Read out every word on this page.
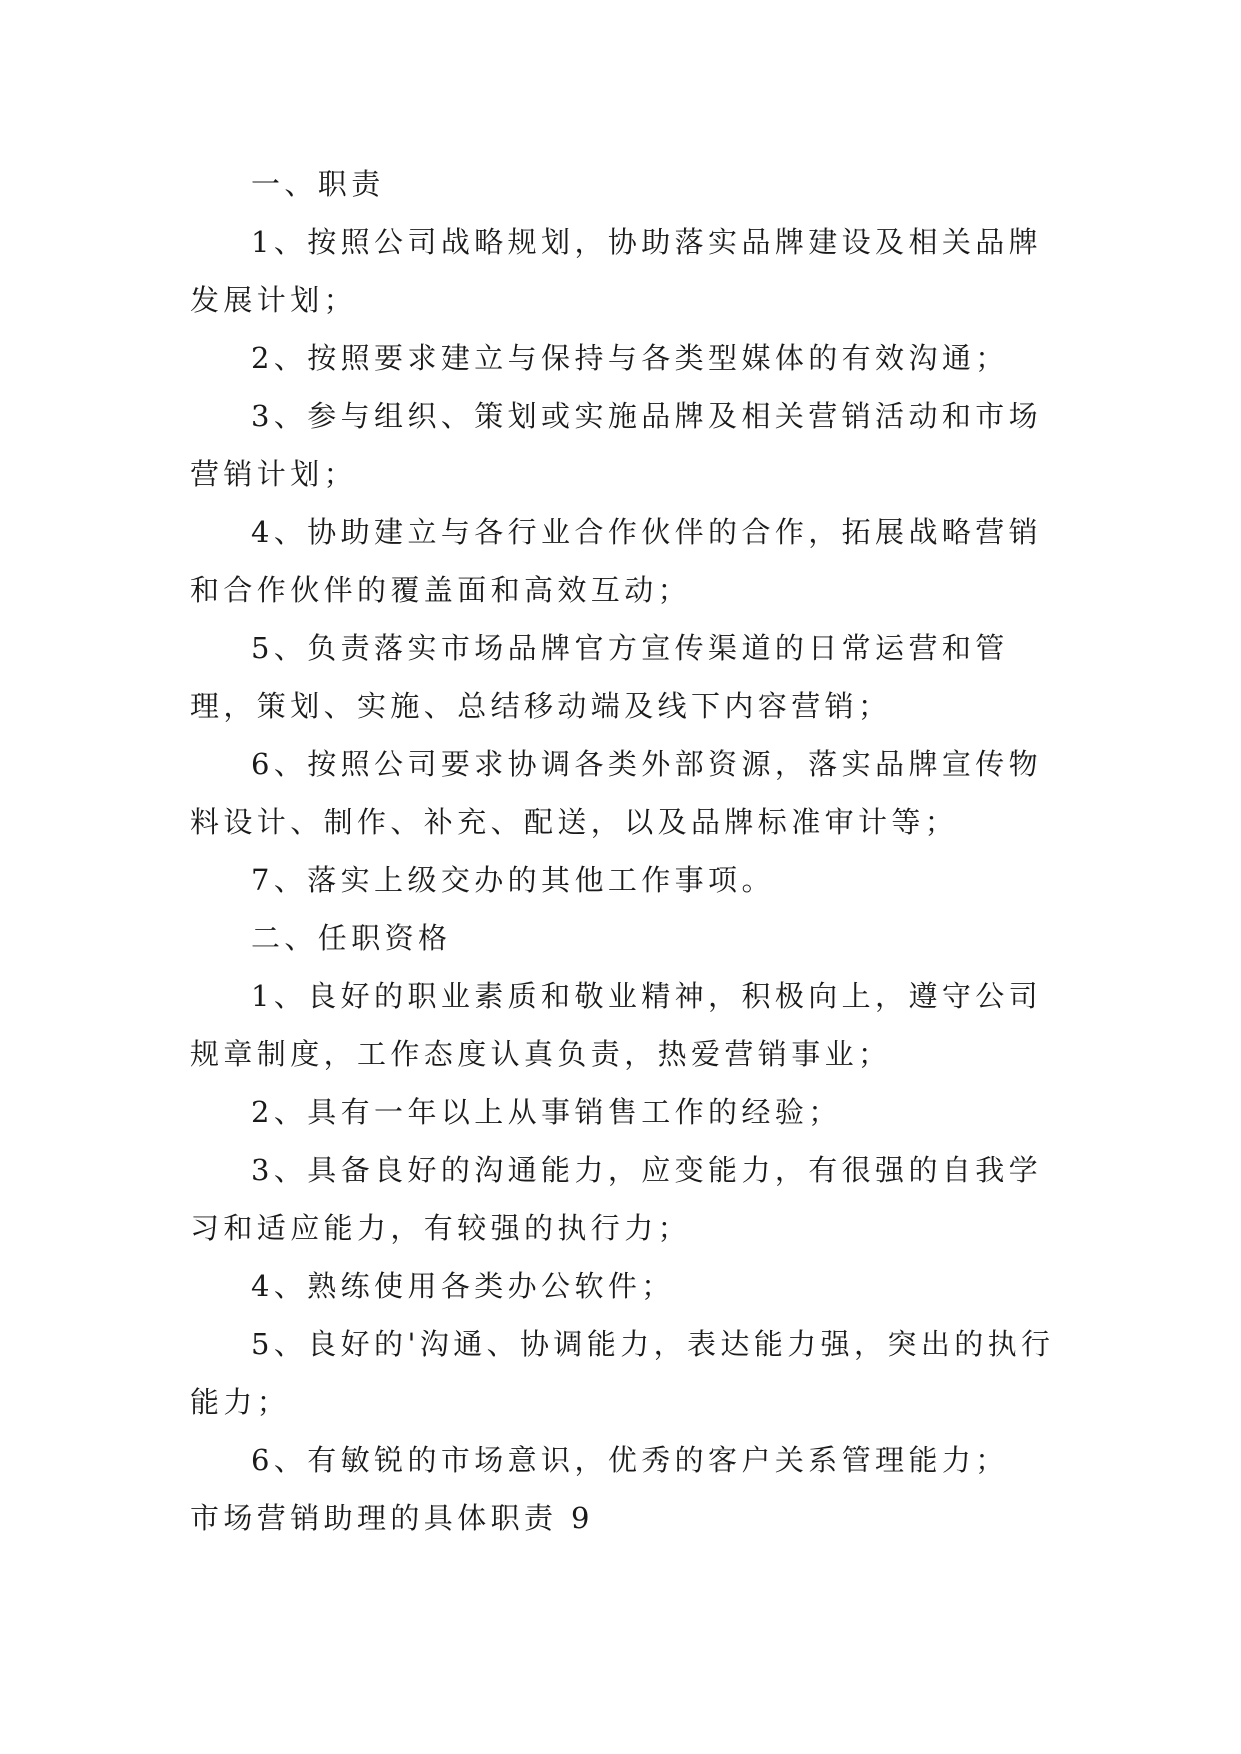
一、职责

1、按照公司战略规划，协助落实品牌建设及相关品牌发展计划；

2、按照要求建立与保持与各类型媒体的有效沟通；

3、参与组织、策划或实施品牌及相关营销活动和市场营销计划；

4、协助建立与各行业合作伙伴的合作，拓展战略营销和合作伙伴的覆盖面和高效互动；

5、负责落实市场品牌官方宣传渠道的日常运营和管理，策划、实施、总结移动端及线下内容营销；

6、按照公司要求协调各类外部资源，落实品牌宣传物料设计、制作、补充、配送，以及品牌标准审计等；

7、落实上级交办的其他工作事项。

二、任职资格

1、良好的职业素质和敬业精神，积极向上，遵守公司规章制度，工作态度认真负责，热爱营销事业；

2、具有一年以上从事销售工作的经验；

3、具备良好的沟通能力，应变能力，有很强的自我学习和适应能力，有较强的执行力；

4、熟练使用各类办公软件；

5、良好的'沟通、协调能力，表达能力强，突出的执行能力；

6、有敏锐的市场意识，优秀的客户关系管理能力；

市场营销助理的具体职责 9
